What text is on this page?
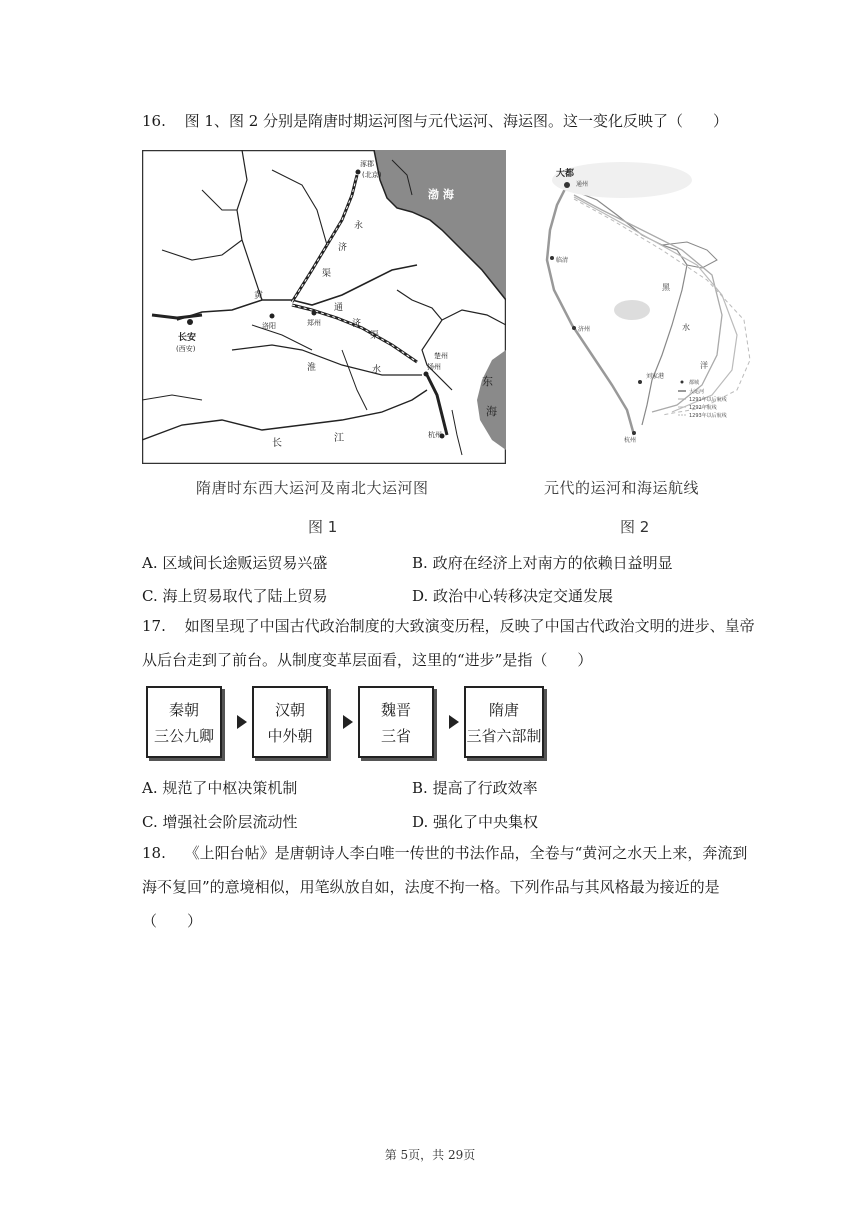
16. 图 1、图 2 分别是隋唐时期运河图与元代运河、海运图。这一变化反映了（　　）
渤 海
东
海
长安
(西安)
洛阳	郑州
涿郡
(北京)
永
济
渠
黄
通
济
渠
淮	水
江
长
杭州
扬州
楚州
隋唐时东西大运河及南北大运河图
图 1
大都
通州
临清
济州
黑
水
洋
杭州
刘家港
都城
大运河
1291年以后航线
1292年航线
1293年以后航线
元代的运河和海运航线
图 2
A. 区域间长途贩运贸易兴盛	B. 政府在经济上对南方的依赖日益明显
C. 海上贸易取代了陆上贸易	D. 政治中心转移决定交通发展
17. 如图呈现了中国古代政治制度的大致演变历程，反映了中国古代政治文明的进步、皇帝
从后台走到了前台。从制度变革层面看，这里的“进步”是指（　　）
秦朝
三公九卿
汉朝
中外朝
魏晋
三省
隋唐
三省六部制
A. 规范了中枢决策机制	B. 提高了行政效率
C. 增强社会阶层流动性	D. 强化了中央集权
18. 《上阳台帖》是唐朝诗人李白唯一传世的书法作品，全卷与“黄河之水天上来，奔流到
海不复回”的意境相似，用笔纵放自如，法度不拘一格。下列作品与其风格最为接近的是
（　　）
第 5页，共 29页
